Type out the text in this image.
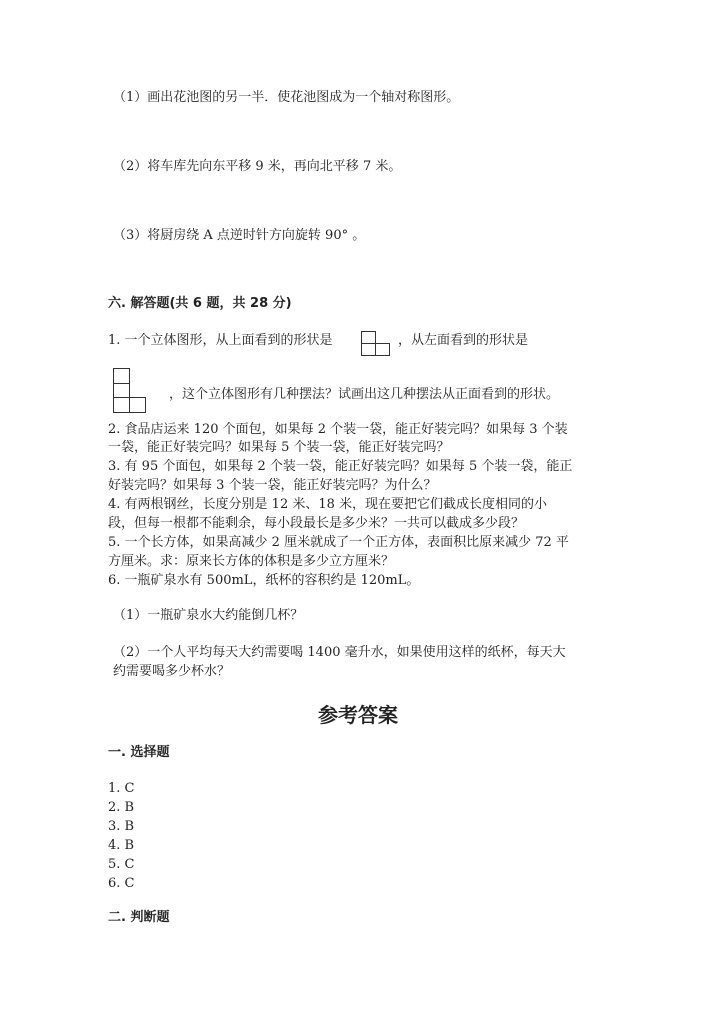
（1）画出花池图的另一半．使花池图成为一个轴对称图形。
（2）将车库先向东平移 9 米，再向北平移 7 米。
（3）将厨房绕 A 点逆时针方向旋转 90° 。
六. 解答题(共 6 题，共 28 分)
1. 一个立体图形，从上面看到的形状是	，从左面看到的形状是
，这个立体图形有几种摆法？试画出这几种摆法从正面看到的形状。
2. 食品店运来 120 个面包，如果每 2 个装一袋，能正好装完吗？如果每 3 个装
一袋，能正好装完吗？如果每 5 个装一袋，能正好装完吗？
3. 有 95 个面包，如果每 2 个装一袋，能正好装完吗？如果每 5 个装一袋，能正
好装完吗？如果每 3 个装一袋，能正好装完吗？为什么？
4. 有两根钢丝，长度分别是 12 米、18 米，现在要把它们截成长度相同的小
段，但每一根都不能剩余，每小段最长是多少米？一共可以截成多少段？
5. 一个长方体，如果高减少 2 厘米就成了一个正方体，表面积比原来减少 72 平
方厘米。求：原来长方体的体积是多少立方厘米？
6. 一瓶矿泉水有 500mL，纸杯的容积约是 120mL。
（1）一瓶矿泉水大约能倒几杯？
（2）一个人平均每天大约需要喝 1400 毫升水，如果使用这样的纸杯，每天大
约需要喝多少杯水？
参考答案
一. 选择题
1. C
2. B
3. B
4. B
5. C
6. C
二. 判断题
